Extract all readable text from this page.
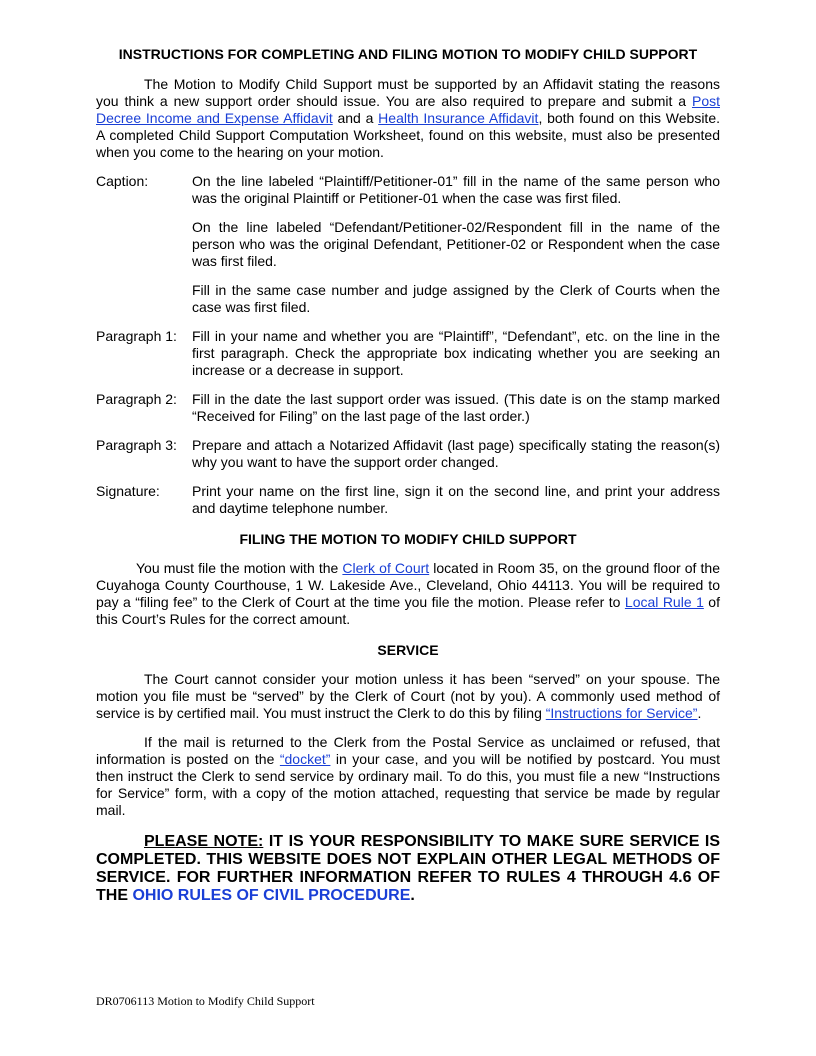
INSTRUCTIONS FOR COMPLETING AND FILING MOTION TO MODIFY CHILD SUPPORT

The Motion to Modify Child Support must be supported by an Affidavit stating the reasons you think a new support order should issue. You are also required to prepare and submit a Post Decree Income and Expense Affidavit and a Health Insurance Affidavit, both found on this Website. A completed Child Support Computation Worksheet, found on this website, must also be presented when you come to the hearing on your motion.

Caption:	On the line labeled “Plaintiff/Petitioner-01” fill in the name of the same person who was the original Plaintiff or Petitioner-01 when the case was first filed.

On the line labeled “Defendant/Petitioner-02/Respondent fill in the name of the person who was the original Defendant, Petitioner-02 or Respondent when the case was first filed.

Fill in the same case number and judge assigned by the Clerk of Courts when the case was first filed.

Paragraph 1:	Fill in your name and whether you are “Plaintiff”, “Defendant”, etc. on the line in the first paragraph. Check the appropriate box indicating whether you are seeking an increase or a decrease in support.

Paragraph 2:	Fill in the date the last support order was issued. (This date is on the stamp marked “Received for Filing” on the last page of the last order.)

Paragraph 3:	Prepare and attach a Notarized Affidavit (last page) specifically stating the reason(s) why you want to have the support order changed.

Signature:	Print your name on the first line, sign it on the second line, and print your address and daytime telephone number.

FILING THE MOTION TO MODIFY CHILD SUPPORT

You must file the motion with the Clerk of Court located in Room 35, on the ground floor of the Cuyahoga County Courthouse, 1 W. Lakeside Ave., Cleveland, Ohio 44113. You will be required to pay a “filing fee” to the Clerk of Court at the time you file the motion. Please refer to Local Rule 1 of this Court’s Rules for the correct amount.

SERVICE

The Court cannot consider your motion unless it has been “served” on your spouse. The motion you file must be “served” by the Clerk of Court (not by you). A commonly used method of service is by certified mail. You must instruct the Clerk to do this by filing “Instructions for Service”.

If the mail is returned to the Clerk from the Postal Service as unclaimed or refused, that information is posted on the “docket” in your case, and you will be notified by postcard. You must then instruct the Clerk to send service by ordinary mail. To do this, you must file a new “Instructions for Service” form, with a copy of the motion attached, requesting that service be made by regular mail.

PLEASE NOTE: IT IS YOUR RESPONSIBILITY TO MAKE SURE SERVICE IS COMPLETED. THIS WEBSITE DOES NOT EXPLAIN OTHER LEGAL METHODS OF SERVICE. FOR FURTHER INFORMATION REFER TO RULES 4 THROUGH 4.6 OF THE OHIO RULES OF CIVIL PROCEDURE.
DR0706113 Motion to Modify Child Support
